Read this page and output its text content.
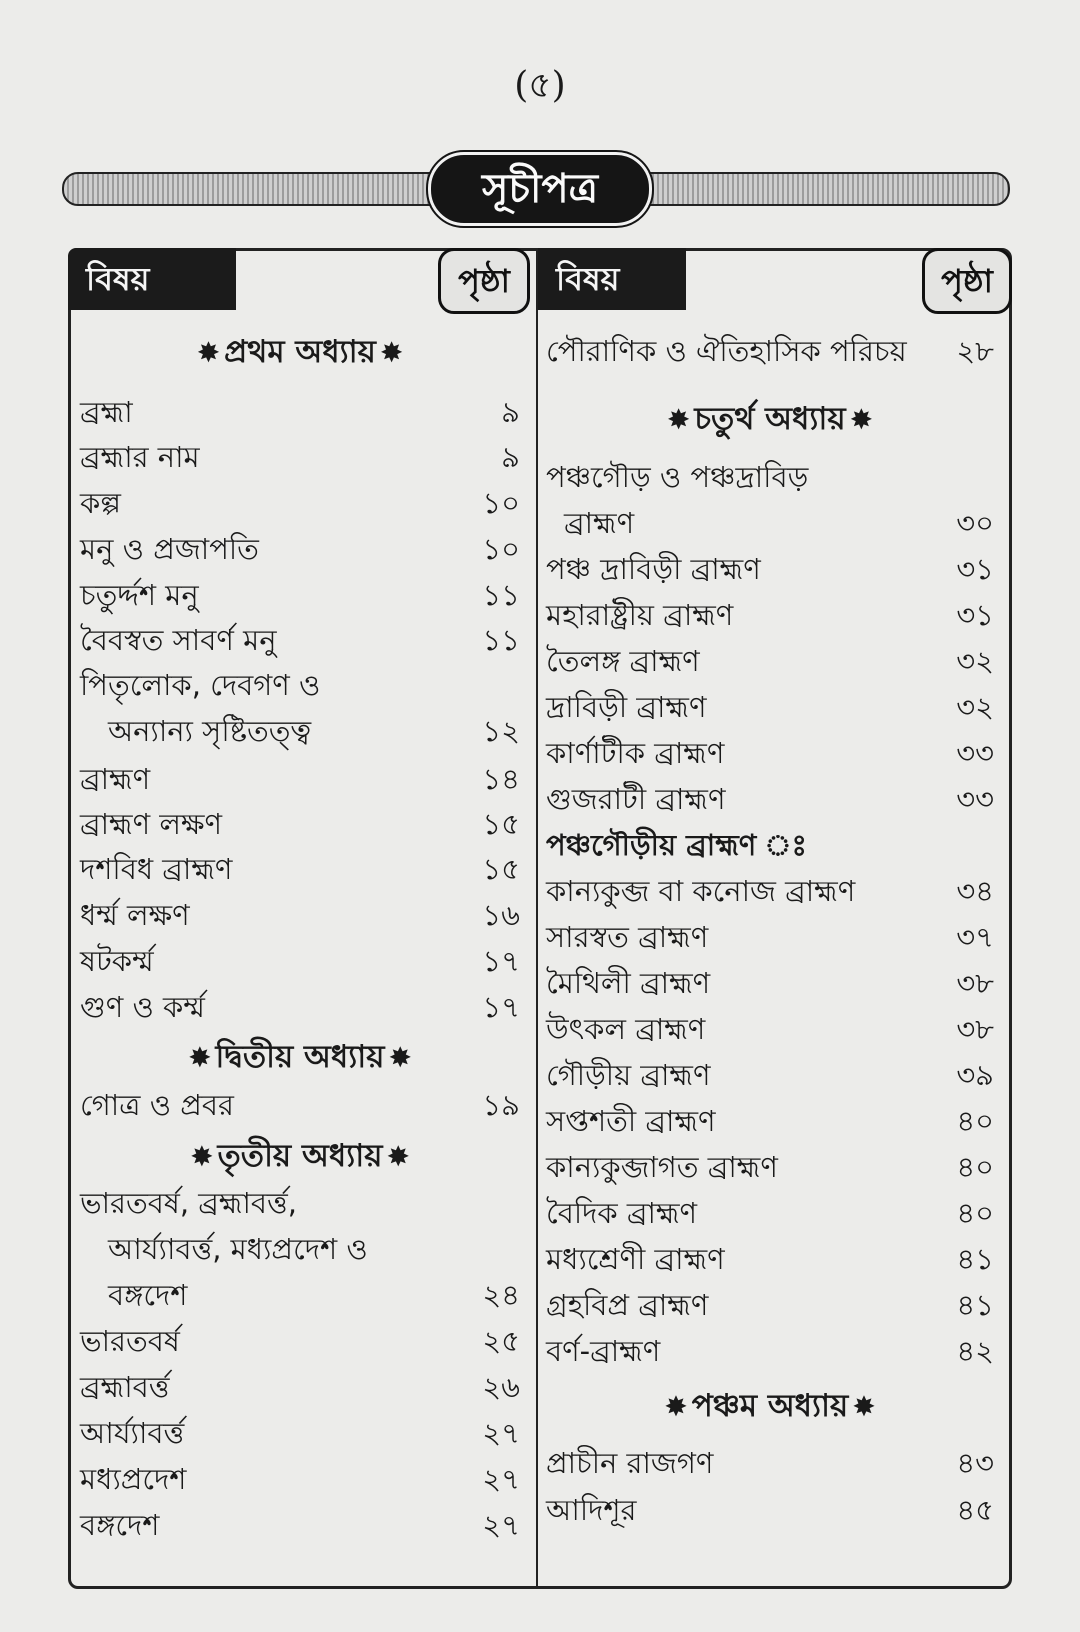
(৫)
সূচীপত্র
বিষয়	পৃষ্ঠা	বিষয়	পৃষ্ঠা
✸ প্রথম অধ্যায় ✸
ব্রহ্মা	৯
ব্রহ্মার নাম	৯
কল্প	১০
মনু ও প্রজাপতি	১০
চতুর্দ্দশ মনু	১১
বৈবস্বত সাবর্ণ মনু	১১
পিতৃলোক, দেবগণ ও
অন্যান্য সৃষ্টিতত্ত্ব	১২
ব্রাহ্মণ	১৪
ব্রাহ্মণ লক্ষণ	১৫
দশবিধ ব্রাহ্মণ	১৫
ধর্ম্ম লক্ষণ	১৬
ষটকর্ম্ম	১৭
গুণ ও কর্ম্ম	১৭
✸ দ্বিতীয় অধ্যায় ✸
গোত্র ও প্রবর	১৯
✸ তৃতীয় অধ্যায় ✸
ভারতবর্ষ, ব্রহ্মাবর্ত্ত,
আর্য্যাবর্ত্ত, মধ্যপ্রদেশ ও
বঙ্গদেশ	২৪
ভারতবর্ষ	২৫
ব্রহ্মাবর্ত্ত	২৬
আর্য্যাবর্ত্ত	২৭
মধ্যপ্রদেশ	২৭
বঙ্গদেশ	২৭
পৌরাণিক ও ঐতিহাসিক পরিচয় ২৮
✸ চতুর্থ অধ্যায় ✸
পঞ্চগৌড় ও পঞ্চদ্রাবিড়
ব্রাহ্মণ	৩০
পঞ্চ দ্রাবিড়ী ব্রাহ্মণ	৩১
মহারাষ্ট্রীয় ব্রাহ্মণ	৩১
তৈলঙ্গ ব্রাহ্মণ	৩২
দ্রাবিড়ী ব্রাহ্মণ	৩২
কার্ণাটীক ব্রাহ্মণ	৩৩
গুজরাটী ব্রাহ্মণ	৩৩
পঞ্চগৌড়ীয় ব্রাহ্মণ ঃ
কান্যকুব্জ বা কনোজ ব্রাহ্মণ	৩৪
সারস্বত ব্রাহ্মণ	৩৭
মৈথিলী ব্রাহ্মণ	৩৮
উৎকল ব্রাহ্মণ	৩৮
গৌড়ীয় ব্রাহ্মণ	৩৯
সপ্তশতী ব্রাহ্মণ	৪০
কান্যকুব্জাগত ব্রাহ্মণ	৪০
বৈদিক ব্রাহ্মণ	৪০
মধ্যশ্রেণী ব্রাহ্মণ	৪১
গ্রহবিপ্র ব্রাহ্মণ	৪১
বর্ণ-ব্রাহ্মণ	৪২
✸ পঞ্চম অধ্যায় ✸
প্রাচীন রাজগণ	৪৩
আদিশূর	৪৫
